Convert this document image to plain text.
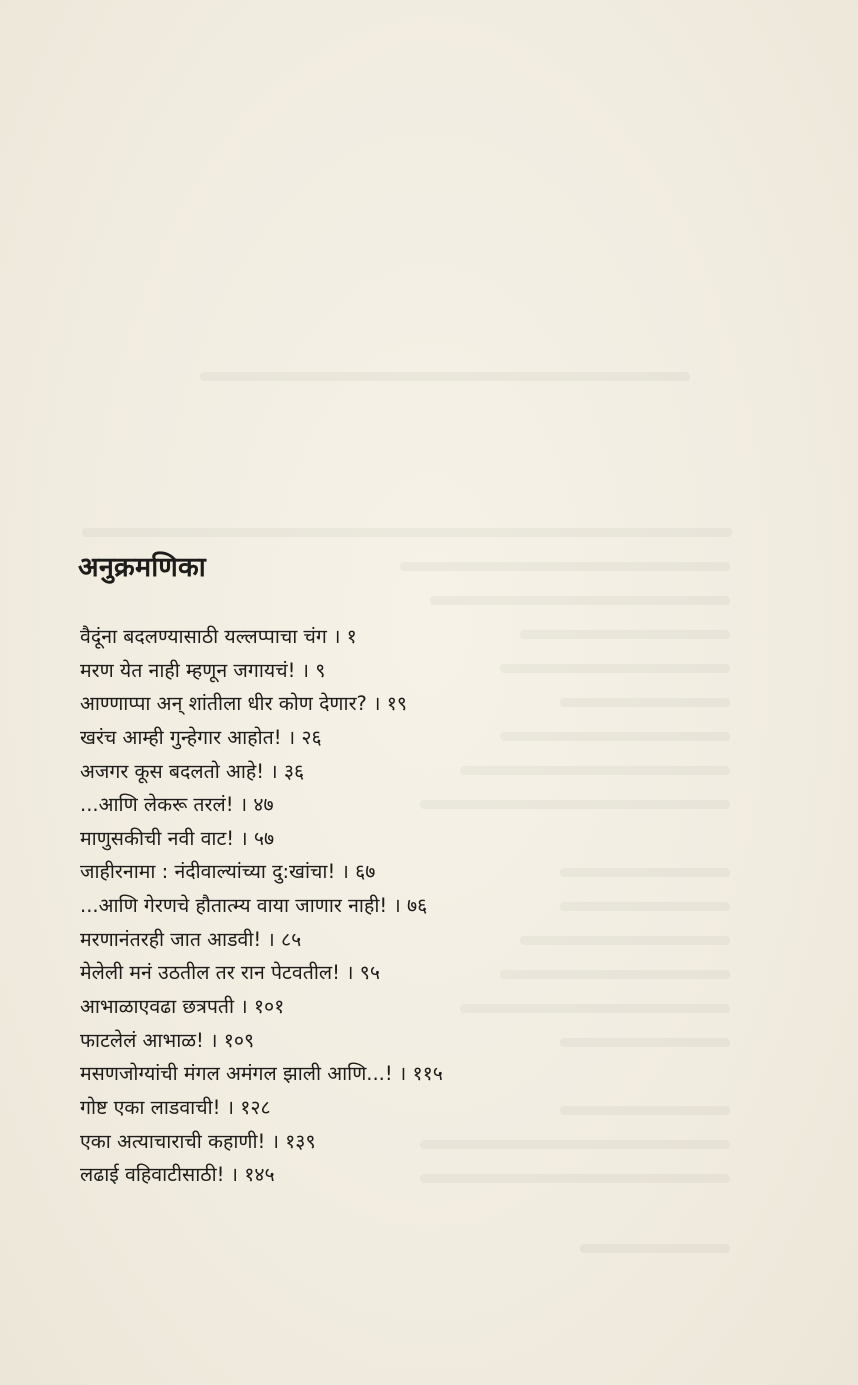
अनुक्रमणिका
वैदूंना बदलण्यासाठी यल्लप्पाचा चंग । १
मरण येत नाही म्हणून जगायचं! । ९
आण्णाप्पा अन् शांतीला धीर कोण देणार? । १९
खरंच आम्ही गुन्हेगार आहोत! । २६
अजगर कूस बदलतो आहे! । ३६
...आणि लेकरू तरलं! । ४७
माणुसकीची नवी वाट! । ५७
जाहीरनामा : नंदीवाल्यांच्या दु:खांचा! । ६७
...आणि गेरणचे हौतात्म्य वाया जाणार नाही! । ७६
मरणानंतरही जात आडवी! । ८५
मेलेली मनं उठतील तर रान पेटवतील! । ९५
आभाळाएवढा छत्रपती । १०१
फाटलेलं आभाळ! । १०९
मसणजोग्यांची मंगल अमंगल झाली आणि...! । ११५
गोष्ट एका लाडवाची! । १२८
एका अत्याचाराची कहाणी! । १३९
लढाई वहिवाटीसाठी! । १४५
